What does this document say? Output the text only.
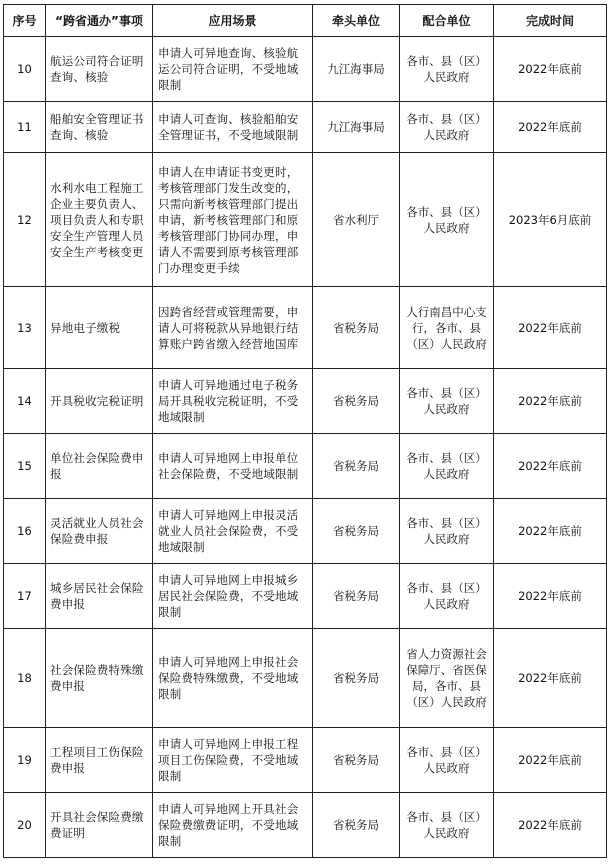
序号	“跨省通办”事项	应用场景	牵头单位	配合单位	完成时间
10	航运公司符合证明查询、核验	申请人可异地查询、核验航运公司符合证明，不受地域限制	九江海事局	各市、县（区）人民政府	2022年底前
11	船舶安全管理证书查询、核验	申请人可查询、核验船舶安全管理证书，不受地域限制	九江海事局	各市、县（区）人民政府	2022年底前
12	水利水电工程施工企业主要负责人、项目负责人和专职安全生产管理人员安全生产考核变更	申请人在申请证书变更时，考核管理部门发生改变的，只需向新考核管理部门提出申请，新考核管理部门和原考核管理部门协同办理，申请人不需要到原考核管理部门办理变更手续	省水利厅	各市、县（区）人民政府	2023年6月底前
13	异地电子缴税	因跨省经营或管理需要，申请人可将税款从异地银行结算账户跨省缴入经营地国库	省税务局	人行南昌中心支行，各市、县（区）人民政府	2022年底前
14	开具税收完税证明	申请人可异地通过电子税务局开具税收完税证明，不受地域限制	省税务局	各市、县（区）人民政府	2022年底前
15	单位社会保险费申报	申请人可异地网上申报单位社会保险费，不受地域限制	省税务局	各市、县（区）人民政府	2022年底前
16	灵活就业人员社会保险费申报	申请人可异地网上申报灵活就业人员社会保险费，不受地域限制	省税务局	各市、县（区）人民政府	2022年底前
17	城乡居民社会保险费申报	申请人可异地网上申报城乡居民社会保险费，不受地域限制	省税务局	各市、县（区）人民政府	2022年底前
18	社会保险费特殊缴费申报	申请人可异地网上申报社会保险费特殊缴费，不受地域限制	省税务局	省人力资源社会保障厅、省医保局，各市、县（区）人民政府	2022年底前
19	工程项目工伤保险费申报	申请人可异地网上申报工程项目工伤保险费，不受地域限制	省税务局	各市、县（区）人民政府	2022年底前
20	开具社会保险费缴费证明	申请人可异地网上开具社会保险费缴费证明，不受地域限制	省税务局	各市、县（区）人民政府	2022年底前
